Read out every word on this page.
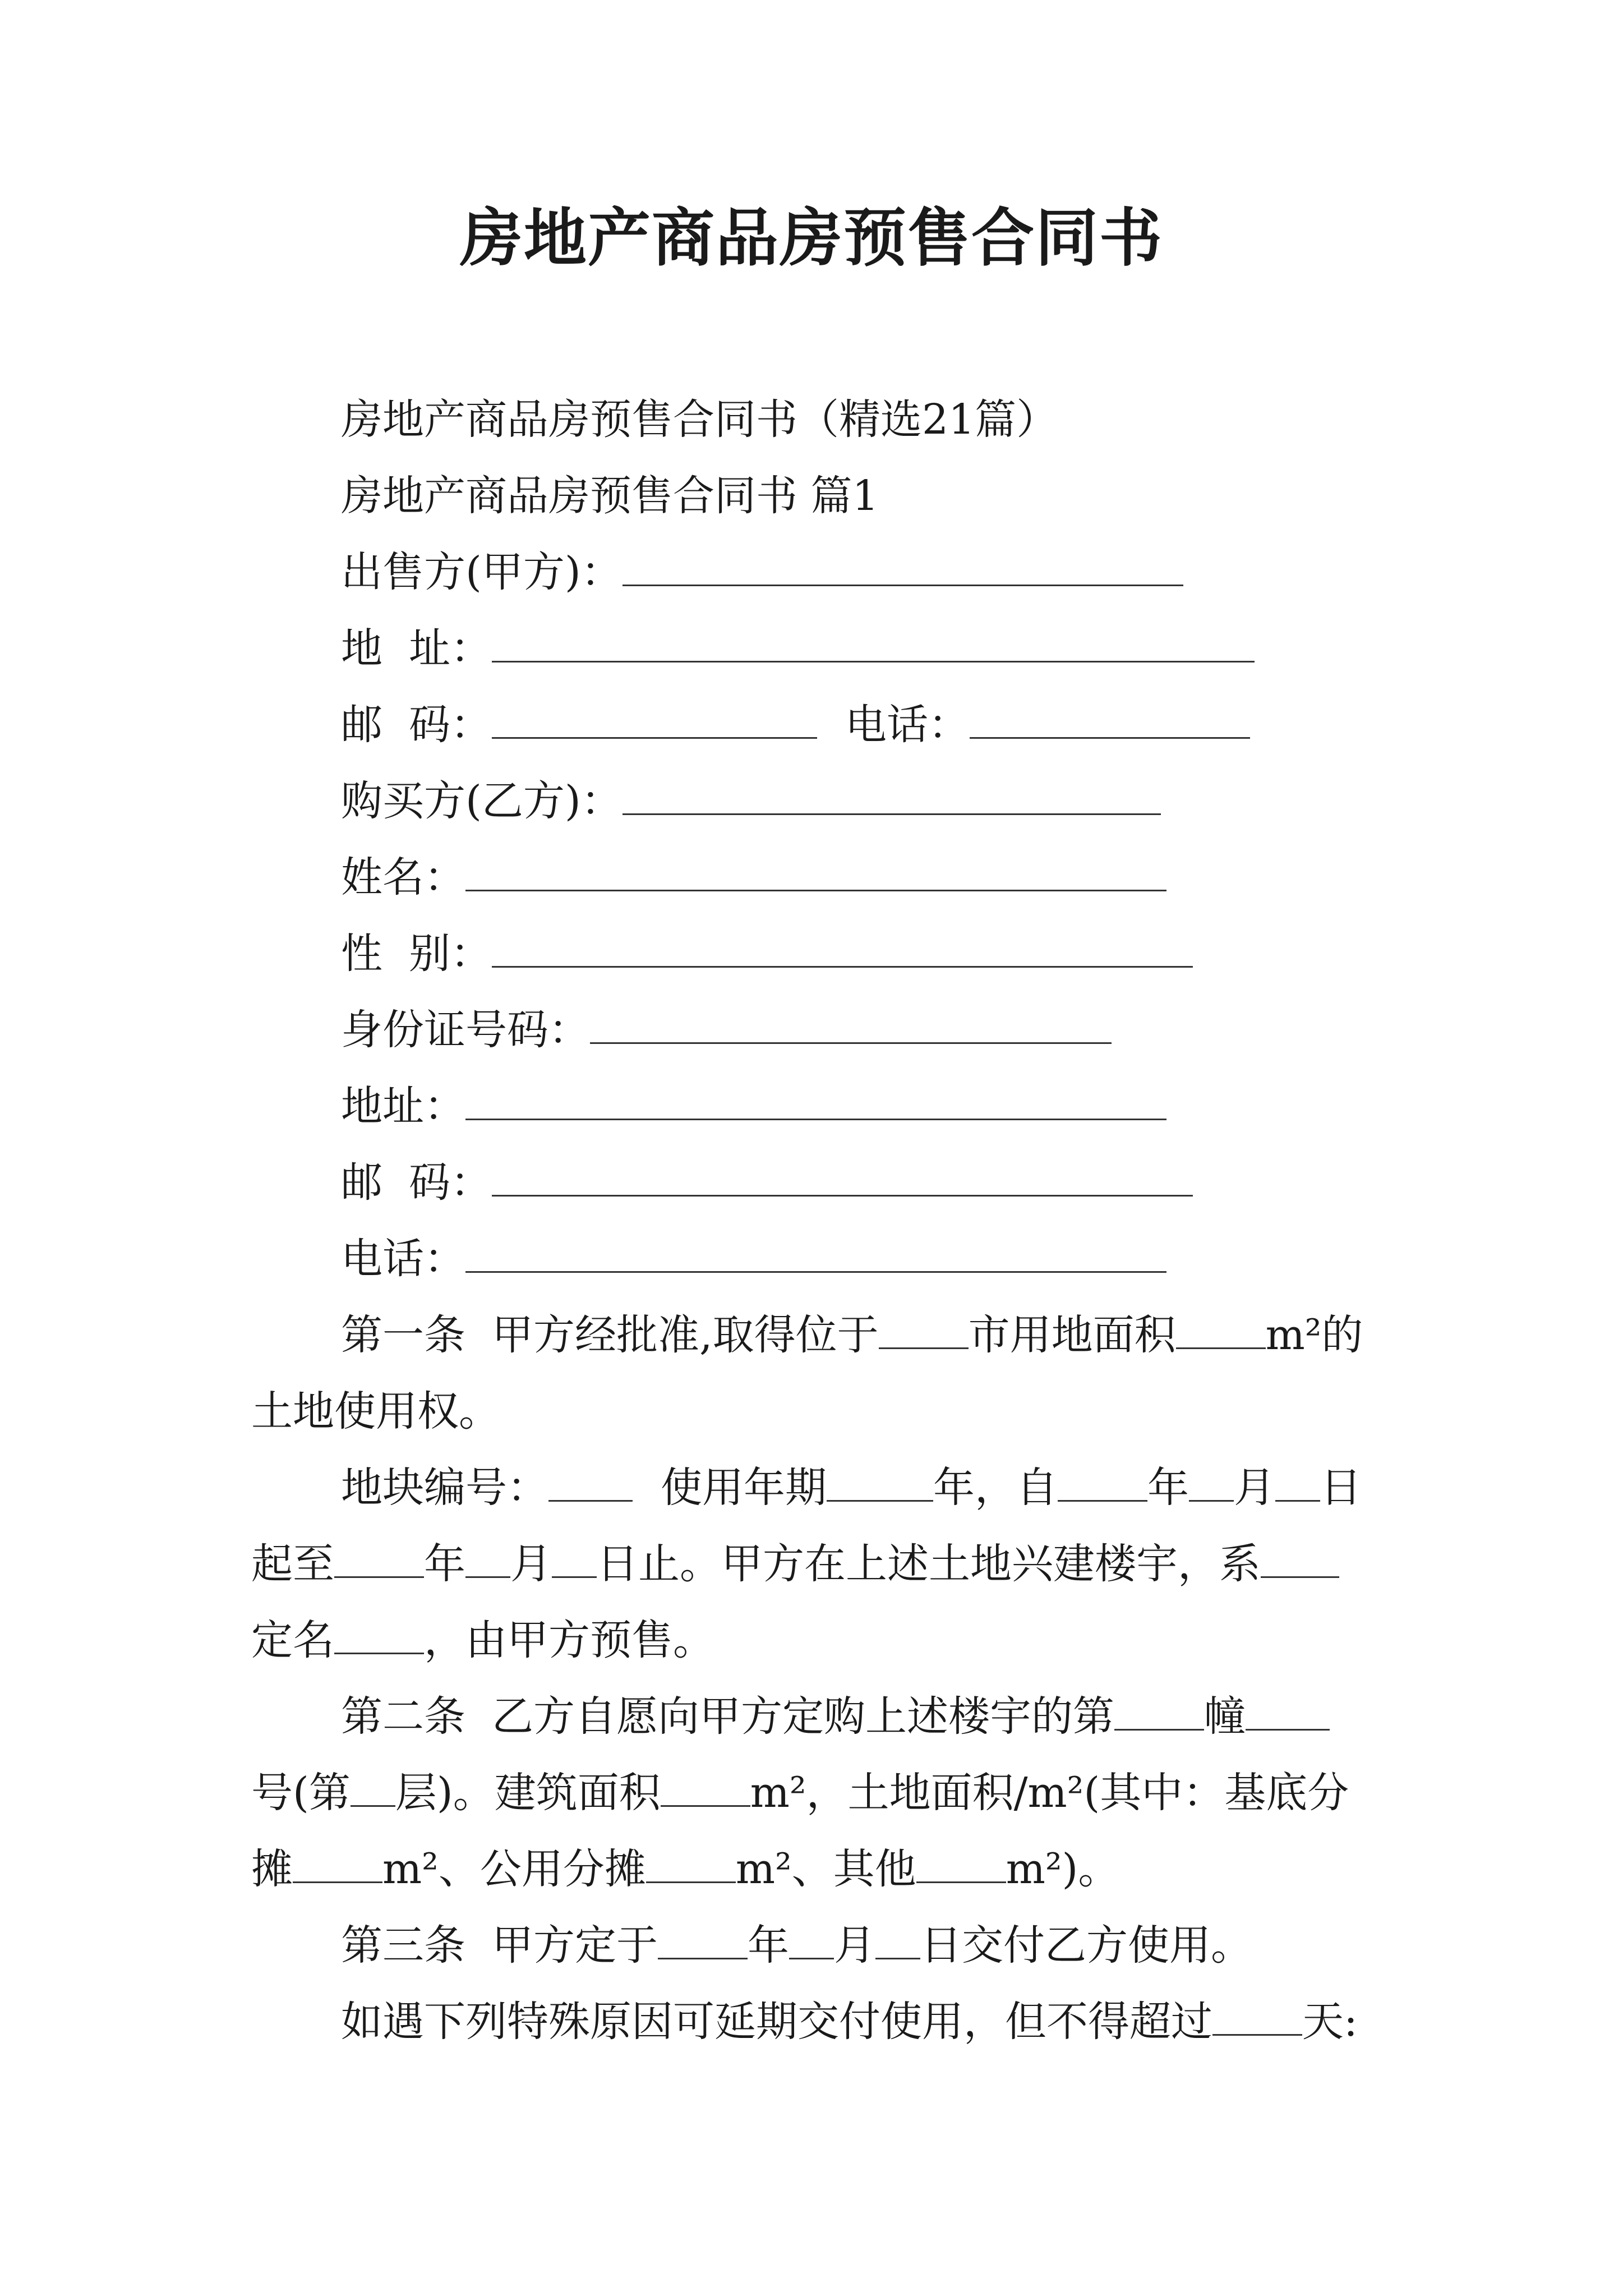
房地产商品房预售合同书
房地产商品房预售合同书（精选21篇）
房地产商品房预售合同书 篇1
出售方(甲方)：
地  址：
邮  码：	电话：
购买方(乙方)：
姓名：
性  别：
身份证号码：
地址：
邮  码：
电话：
第一条  甲方经批准,取得位于 市用地面积 m²的
土地使用权。
地块编号：	使用年期	年，自 年 月 日
起至 年 月 日止。甲方在上述土地兴建楼宇，系
定名 ，由甲方预售。
第二条  乙方自愿向甲方定购上述楼宇的第 幢
号(第 层)。建筑面积 m²，土地面积/m²(其中：基底分
摊 m²、公用分摊 m²、其他 m²)。
第三条  甲方定于 年 月 日交付乙方使用。
如遇下列特殊原因可延期交付使用，但不得超过 天:
